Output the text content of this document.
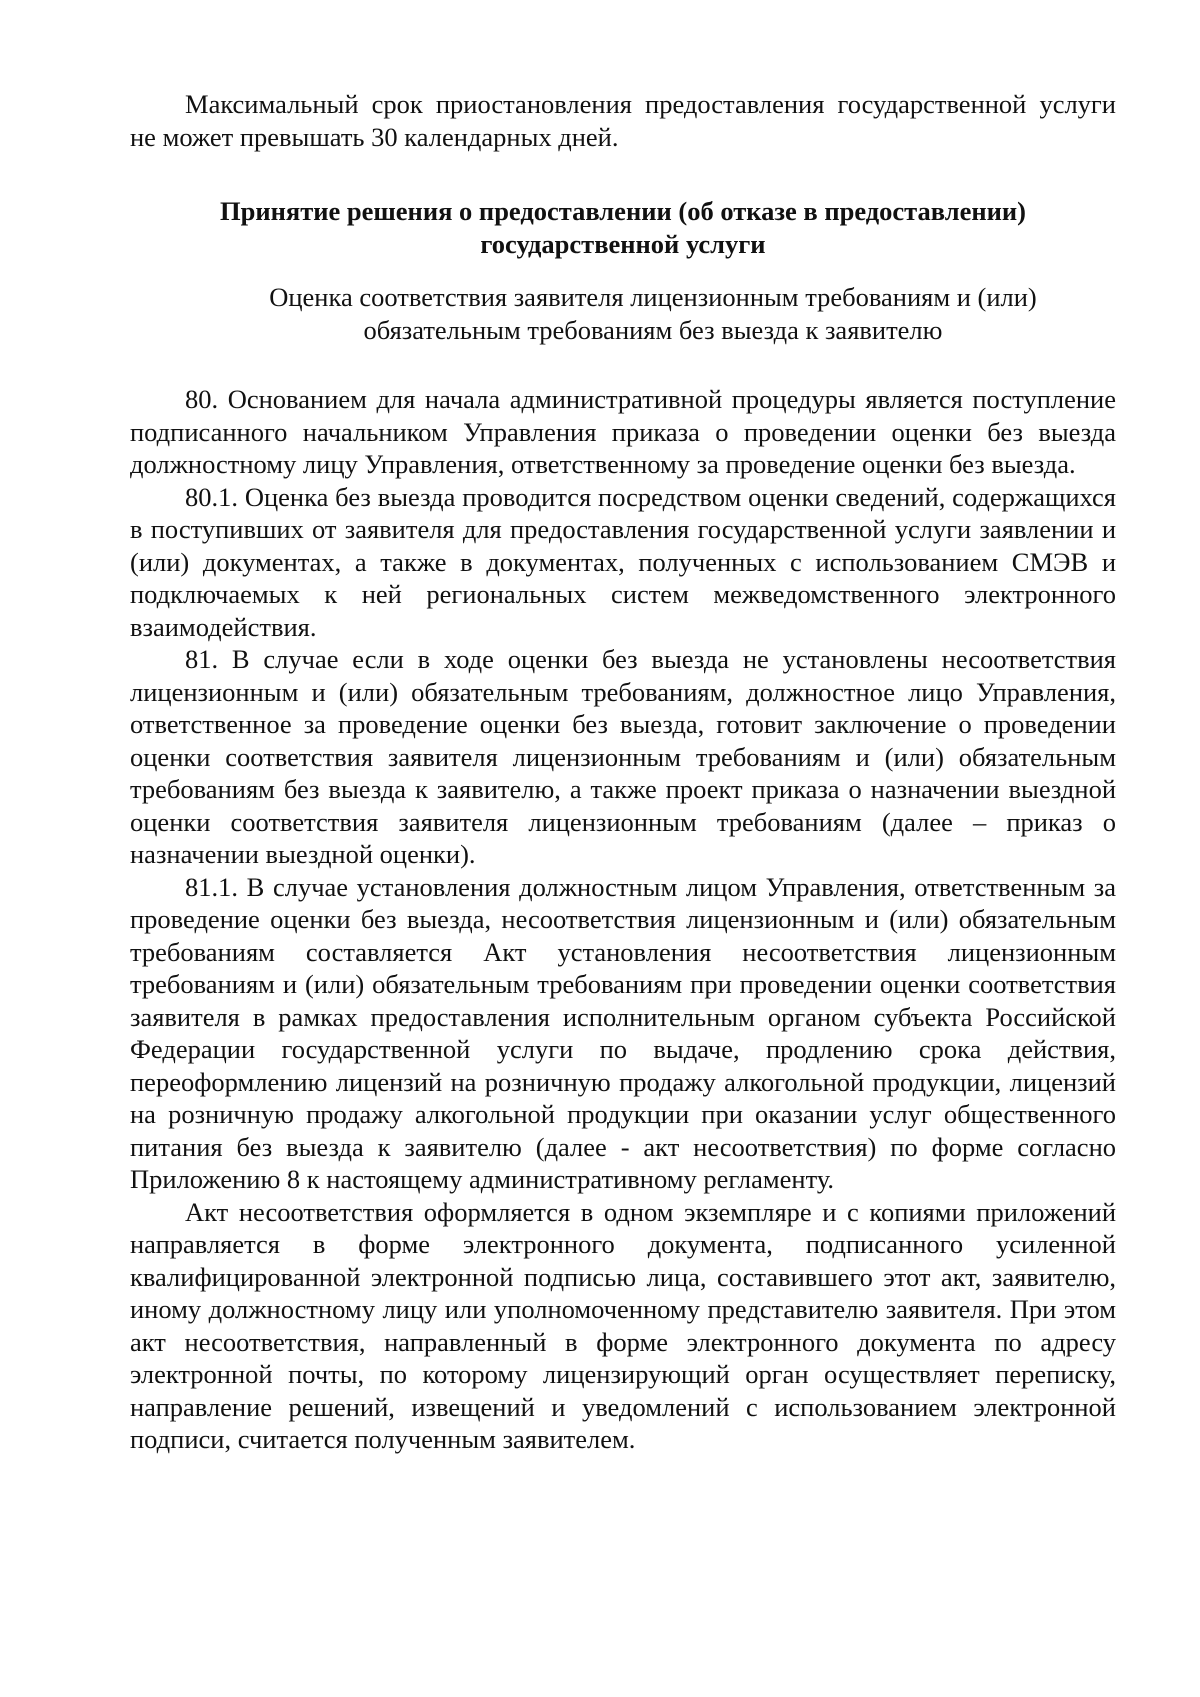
Максимальный срок приостановления предоставления государственной услуги не может превышать 30 календарных дней.

Принятие решения о предоставлении (об отказе в предоставлении)
государственной услуги
Оценка соответствия заявителя лицензионным требованиям и (или)
обязательным требованиям без выезда к заявителю

80. Основанием для начала административной процедуры является поступление подписанного начальником Управления приказа о проведении оценки без выезда должностному лицу Управления, ответственному за проведение оценки без выезда.

80.1. Оценка без выезда проводится посредством оценки сведений, содержащихся в поступивших от заявителя для предоставления государственной услуги заявлении и (или) документах, а также в документах, полученных с использованием СМЭВ и подключаемых к ней региональных систем межведомственного электронного взаимодействия.

81. В случае если в ходе оценки без выезда не установлены несоответствия лицензионным и (или) обязательным требованиям, должностное лицо Управления, ответственное за проведение оценки без выезда, готовит заключение о проведении оценки соответствия заявителя лицензионным требованиям и (или) обязательным требованиям без выезда к заявителю, а также проект приказа о назначении выездной оценки соответствия заявителя лицензионным требованиям (далее – приказ о назначении выездной оценки).

81.1. В случае установления должностным лицом Управления, ответственным за проведение оценки без выезда, несоответствия лицензионным и (или) обязательным требованиям составляется Акт установления несоответствия лицензионным требованиям и (или) обязательным требованиям при проведении оценки соответствия заявителя в рамках предоставления исполнительным органом субъекта Российской Федерации государственной услуги по выдаче, продлению срока действия, переоформлению лицензий на розничную продажу алкогольной продукции, лицензий на розничную продажу алкогольной продукции при оказании услуг общественного питания без выезда к заявителю (далее - акт несоответствия) по форме согласно Приложению 8 к настоящему административному регламенту.

Акт несоответствия оформляется в одном экземпляре и с копиями приложений направляется в форме электронного документа, подписанного усиленной квалифицированной электронной подписью лица, составившего этот акт, заявителю, иному должностному лицу или уполномоченному представителю заявителя. При этом акт несоответствия, направленный в форме электронного документа по адресу электронной почты, по которому лицензирующий орган осуществляет переписку, направление решений, извещений и уведомлений с использованием электронной подписи, считается полученным заявителем.
